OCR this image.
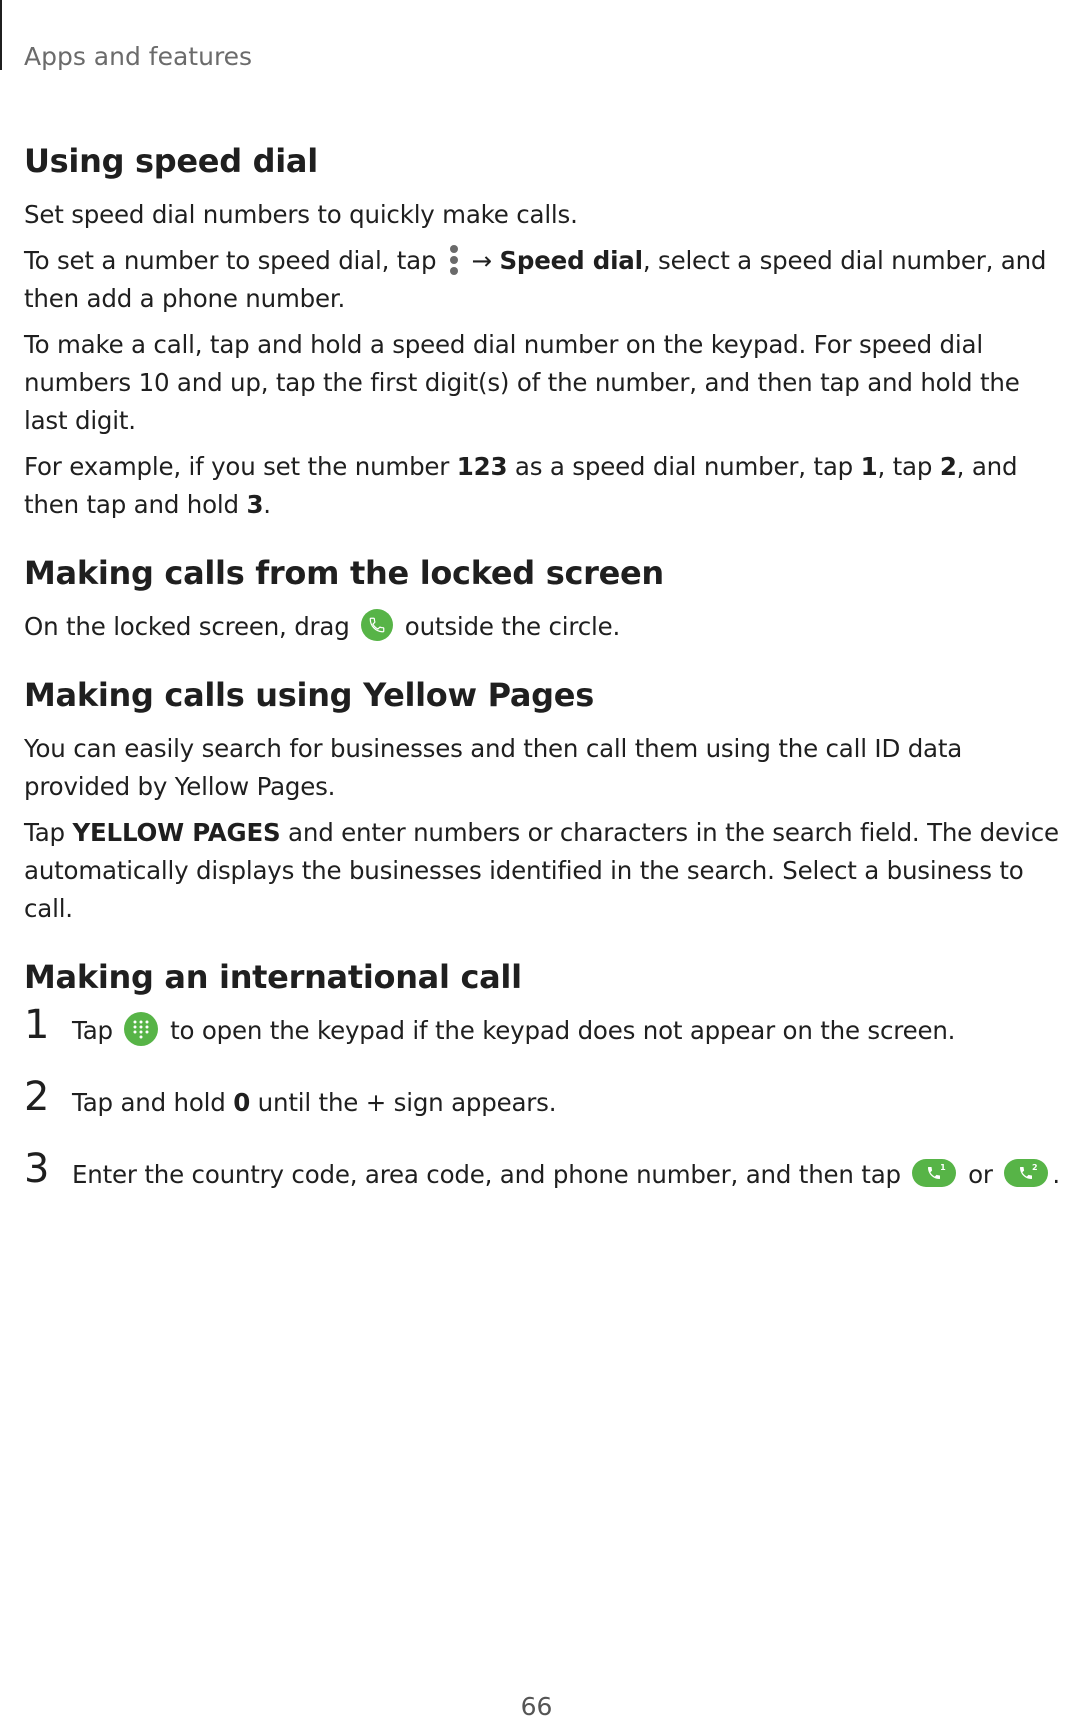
Apps and features
Using speed dial

Set speed dial numbers to quickly make calls.

To set a number to speed dial, tap → Speed dial, select a speed dial number, and then add a phone number.

To make a call, tap and hold a speed dial number on the keypad. For speed dial numbers 10 and up, tap the first digit(s) of the number, and then tap and hold the last digit.

For example, if you set the number 123 as a speed dial number, tap 1, tap 2, and then tap and hold 3.

Making calls from the locked screen

On the locked screen, drag outside the circle.

Making calls using Yellow Pages

You can easily search for businesses and then call them using the call ID data provided by Yellow Pages.

Tap YELLOW PAGES and enter numbers or characters in the search field. The device automatically displays the businesses identified in the search. Select a business to call.

Making an international call
1 Tap to open the keypad if the keypad does not appear on the screen.
2 Tap and hold 0 until the + sign appears.
3 Enter the country code, area code, and phone number, and then tap	1 or	2 .
66
